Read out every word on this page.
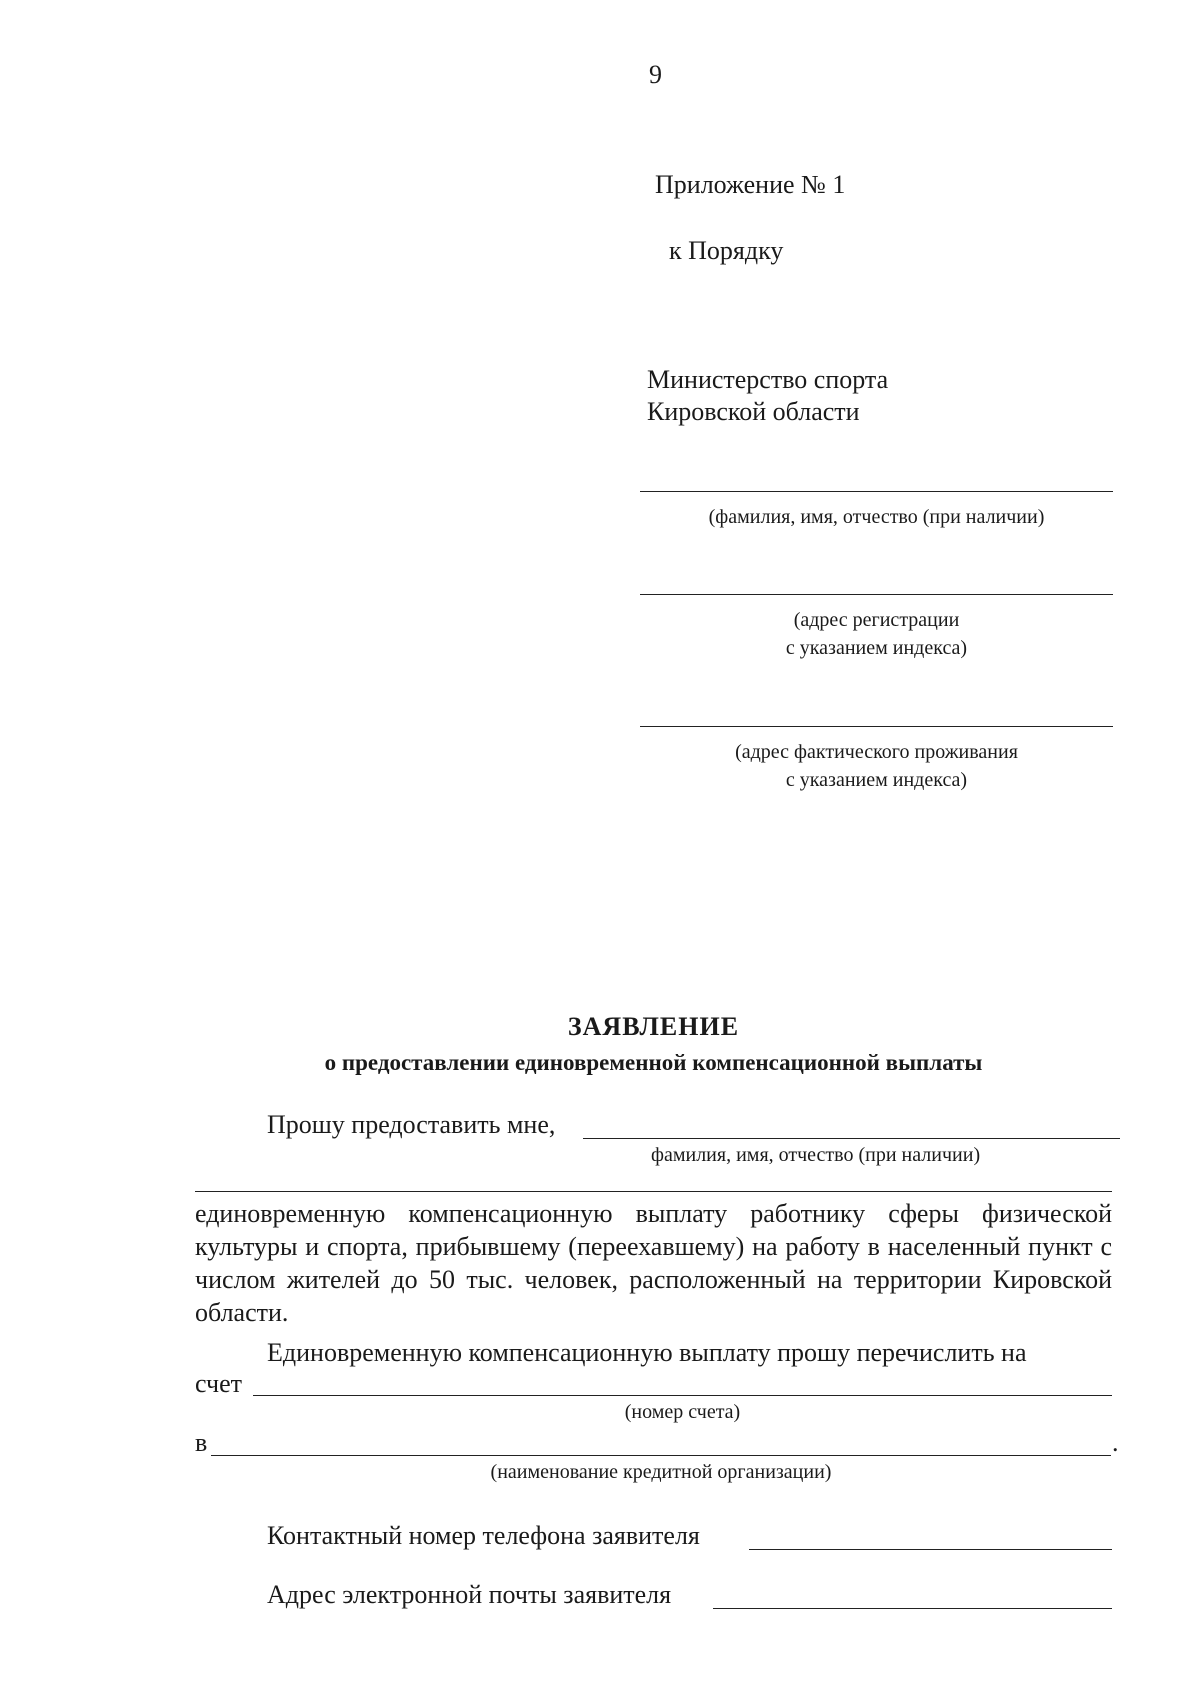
9
Приложение № 1
к Порядку
Министерство спорта
Кировской области
(фамилия, имя, отчество (при наличии)
(адрес регистрации
с указанием индекса)
(адрес фактического проживания
с указанием индекса)
ЗАЯВЛЕНИЕ
о предоставлении единовременной компенсационной выплаты
Прошу предоставить мне,
фамилия, имя, отчество (при наличии)
единовременную компенсационную выплату работнику сферы физической культуры и спорта, прибывшему (переехавшему) на работу в населенный пункт с числом жителей до 50 тыс. человек, расположенный на территории Кировской области.
Единовременную компенсационную выплату прошу перечислить на
счет
(номер счета)
в	.
(наименование кредитной организации)
Контактный номер телефона заявителя
Адрес электронной почты заявителя
